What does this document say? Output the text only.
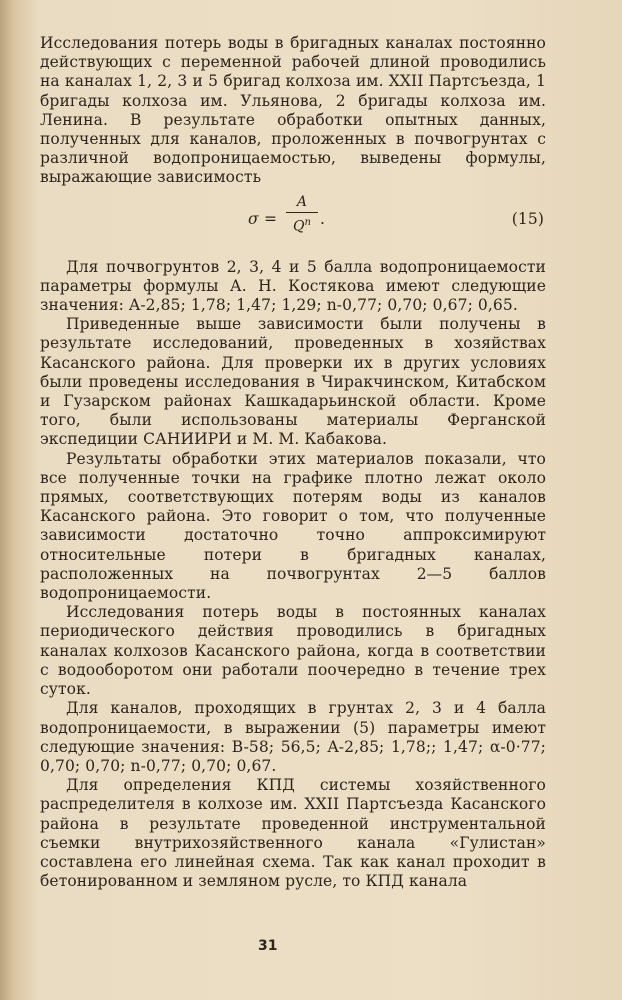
Исследования потерь воды в бригадных каналах постоянно действующих с переменной рабочей длиной проводились на каналах 1, 2, 3 и 5 бригад колхоза им. XXII Партсъезда, 1 бригады колхоза им. Ульянова, 2 бригады колхоза им. Ленина. В результате обработки опытных данных, полученных для каналов, проложенных в почвогрунтах с различной водопроницаемостью, выведены формулы, выражающие зависимость

σ =
A
$Q^n$ .	(15)

Для почвогрунтов 2, 3, 4 и 5 балла водопроницаемости параметры формулы А. Н. Костякова имеют следующие значения: A-2,85; 1,78; 1,47; 1,29; n-0,77; 0,70; 0,67; 0,65.

Приведенные выше зависимости были получены в результате исследований, проведенных в хозяйствах Касанского района. Для проверки их в других условиях были проведены исследования в Чиракчинском, Китабском и Гузарском районах Кашкадарьинской области. Кроме того, были использованы материалы Ферганской экспедиции САНИИРИ и М. М. Кабакова.

Результаты обработки этих материалов показали, что все полученные точки на графике плотно лежат около прямых, соответствующих потерям воды из каналов Касанского района. Это говорит о том, что полученные зависимости достаточно точно аппроксимируют относительные потери в бригадных каналах, расположенных на почвогрунтах 2—5 баллов водопроницаемости.

Исследования потерь воды в постоянных каналах периодического действия проводились в бригадных каналах колхозов Касанского района, когда в соответствии с водооборотом они работали поочередно в течение трех суток.

Для каналов, проходящих в грунтах 2, 3 и 4 балла водопроницаемости, в выражении (5) параметры имеют следующие значения: B-58; 56,5; A-2,85; 1,78;; 1,47; α-0·77; 0,70; 0,70; n-0,77; 0,70; 0,67.

Для определения КПД системы хозяйственного распределителя в колхозе им. XXII Партсъезда Касанского района в результате проведенной инструментальной съемки внутрихозяйственного канала «Гулистан» составлена его линейная схема. Так как канал проходит в бетонированном и земляном русле, то КПД канала

31
